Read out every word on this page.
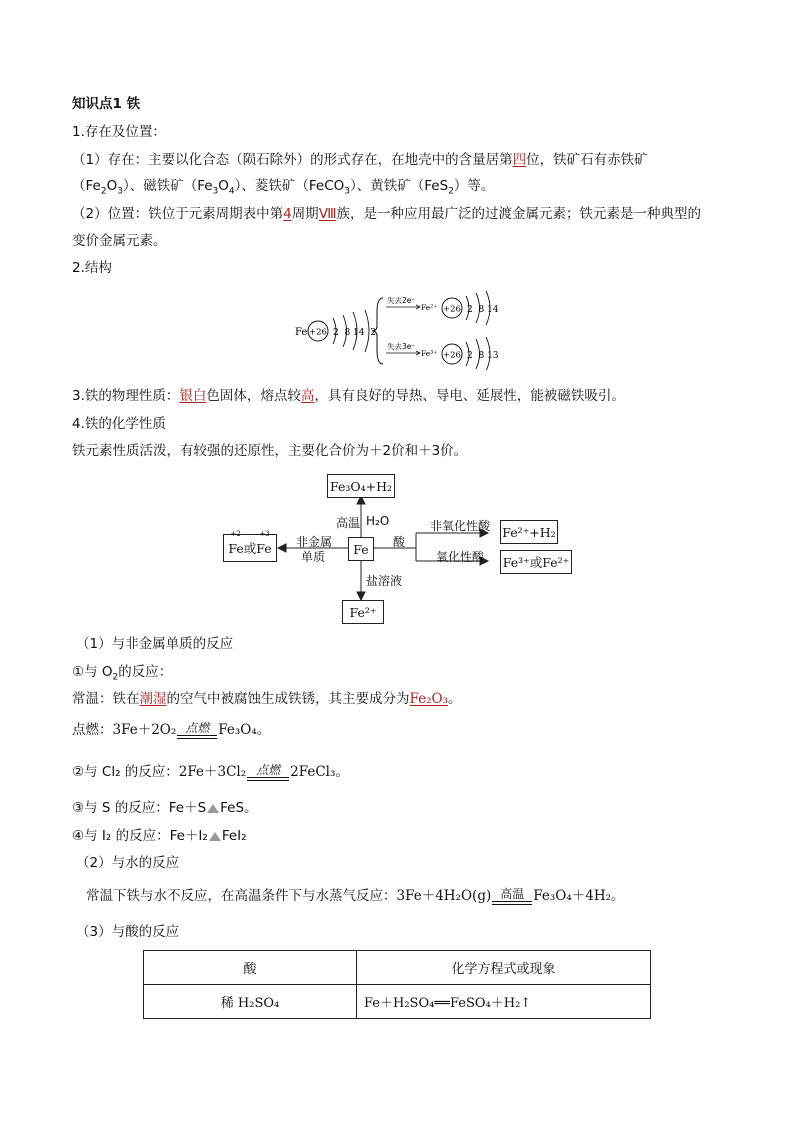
知识点1 铁
1.存在及位置：
（1）存在：主要以化合态（陨石除外）的形式存在，在地壳中的含量居第四位，铁矿石有赤铁矿
$(Fe_2O_3)$、磁铁矿$(Fe_3O_4)$、菱铁矿（FeCO$_3$）、黄铁矿（FeS$_2$）等。
（2）位置：铁位于元素周期表中第4周期Ⅷ族，是一种应用最广泛的过渡金属元素；铁元素是一种典型的
变价金属元素。
2.结构
Fe +26 2  8 14  2
失去2e⁻
Fe²⁺ +26 2  8 14
失去3e⁻
Fe³⁺ +26 2  8 13
3.铁的物理性质：银白色固体，熔点较高，具有良好的导热、导电、延展性，能被磁铁吸引。
4.铁的化学性质
铁元素性质活泼，有较强的还原性，主要化合价为＋2价和＋3价。
Fe₃O₄+H₂
Fe
Fe或Fe
+2	+3	Fe²⁺+H₂
Fe³⁺或Fe²⁺
Fe²⁺
高温 H₂O
非金属
单质
酸
非氧化性酸
氧化性酸
盐溶液
（1）与非金属单质的反应
①与 $O_2$的反应：
常温：铁在潮湿的空气中被腐蚀生成铁锈，其主要成分为Fe₂O₃。
点燃：3Fe＋2O₂ 点燃 Fe₃O₄。
②与 Cl₂ 的反应：2Fe＋3Cl₂ 点燃 2FeCl₃。
③与 S 的反应：Fe＋S FeS。
④与 I₂ 的反应：Fe＋I₂ FeI₂
（2）与水的反应
常温下铁与水不反应，在高温条件下与水蒸气反应：3Fe＋4H₂O(g) 高温 Fe₃O₄＋4H₂。
（3）与酸的反应
酸	化学方程式或现象
稀 H₂SO₄	Fe＋H₂SO₄══FeSO₄＋H₂↑
